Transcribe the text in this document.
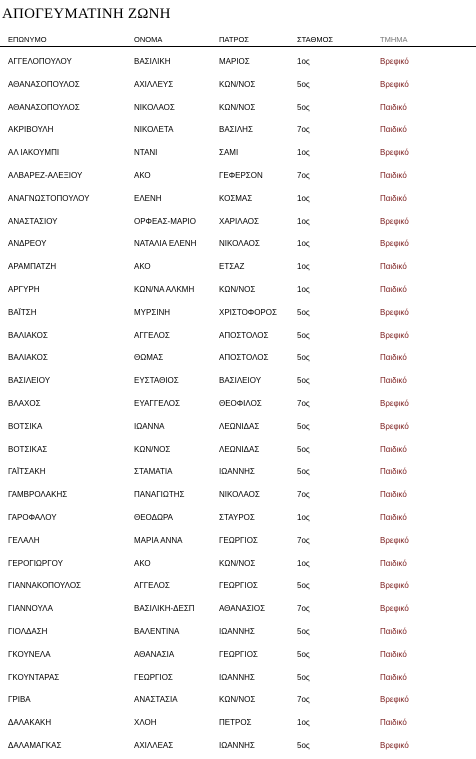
ΑΠΟΓΕΥΜΑΤΙΝΗ ΖΩΝΗ
ΕΠΩΝΥΜΟ	ΟΝΟΜΑ	ΠΑΤΡΟΣ	ΣΤΑΘΜΟΣ	ΤΜΗΜΑ
ΑΓΓΕΛΟΠΟΥΛΟΥ	ΒΑΣΙΛΙΚΗ	ΜΑΡΙΟΣ	1ος	Βρεφικό
ΑΘΑΝΑΣΟΠΟΥΛΟΣ	ΑΧΙΛΛΕΥΣ	ΚΩΝ/ΝΟΣ	5ος	Βρεφικό
ΑΘΑΝΑΣΟΠΟΥΛΟΣ	ΝΙΚΟΛΑΟΣ	ΚΩΝ/ΝΟΣ	5ος	Παιδικό
ΑΚΡΙΒΟΥΛΗ	ΝΙΚΟΛΕΤΑ	ΒΑΣΙΛΗΣ	7ος	Παιδικό
ΑΛ ΙΑΚΟΥΜΠΙ	ΝΤΑΝΙ	ΣΑΜΙ	1ος	Βρεφικό
ΑΛΒΑΡΕΖ-ΑΛΕΞΙΟΥ	ΑΚΟ	ΓΕΦΕΡΣΟΝ	7ος	Παιδικό
ΑΝΑΓΝΩΣΤΟΠΟΥΛΟΥ	ΕΛΕΝΗ	ΚΟΣΜΑΣ	1ος	Παιδικό
ΑΝΑΣΤΑΣΙΟΥ	ΟΡΦΕΑΣ-ΜΑΡΙΟ	ΧΑΡΙΛΑΟΣ	1ος	Βρεφικό
ΑΝΔΡΕΟΥ	ΝΑΤΑΛΙΑ ΕΛΕΝΗ	ΝΙΚΟΛΑΟΣ	1ος	Βρεφικό
ΑΡΑΜΠΑΤΖΗ	ΑΚΟ	ΕΤΣΑΖ	1ος	Παιδικό
ΑΡΓΥΡΗ	ΚΩΝ/ΝΑ ΑΛΚΜΗ	ΚΩΝ/ΝΟΣ	1ος	Παιδικό
ΒΑΪΤΣΗ	ΜΥΡΣΙΝΗ	ΧΡΙΣΤΟΦΟΡΟΣ	5ος	Βρεφικό
ΒΑΛΙΑΚΟΣ	ΑΓΓΕΛΟΣ	ΑΠΟΣΤΟΛΟΣ	5ος	Βρεφικό
ΒΑΛΙΑΚΟΣ	ΘΩΜΑΣ	ΑΠΟΣΤΟΛΟΣ	5ος	Παιδικό
ΒΑΣΙΛΕΙΟΥ	ΕΥΣΤΑΘΙΟΣ	ΒΑΣΙΛΕΙΟΥ	5ος	Παιδικό
ΒΛΑΧΟΣ	ΕΥΑΓΓΕΛΟΣ	ΘΕΟΦΙΛΟΣ	7ος	Βρεφικό
ΒΟΤΣΙΚΑ	ΙΩΑΝΝΑ	ΛΕΩΝΙΔΑΣ	5ος	Βρεφικό
ΒΟΤΣΙΚΑΣ	ΚΩΝ/ΝΟΣ	ΛΕΩΝΙΔΑΣ	5ος	Παιδικό
ΓΑΪΤΣΑΚΗ	ΣΤΑΜΑΤΙΑ	ΙΩΑΝΝΗΣ	5ος	Παιδικό
ΓΑΜΒΡΟΛΑΚΗΣ	ΠΑΝΑΓΙΩΤΗΣ	ΝΙΚΟΛΑΟΣ	7ος	Παιδικό
ΓΑΡΟΦΑΛΟΥ	ΘΕΟΔΩΡΑ	ΣΤΑΥΡΟΣ	1ος	Παιδικό
ΓΕΛΑΛΗ	ΜΑΡΙΑ ΑΝΝΑ	ΓΕΩΡΓΙΟΣ	7ος	Βρεφικό
ΓΕΡΟΓΙΩΡΓΟΥ	ΑΚΟ	ΚΩΝ/ΝΟΣ	1ος	Παιδικό
ΓΙΑΝΝΑΚΟΠΟΥΛΟΣ	ΑΓΓΕΛΟΣ	ΓΕΩΡΓΙΟΣ	5ος	Βρεφικό
ΓΙΑΝΝΟΥΛΑ	ΒΑΣΙΛΙΚΗ-ΔΕΣΠ	ΑΘΑΝΑΣΙΟΣ	7ος	Βρεφικό
ΓΙΟΛΔΑΣΗ	ΒΑΛΕΝΤΙΝΑ	ΙΩΑΝΝΗΣ	5ος	Παιδικό
ΓΚΟΥΝΕΛΑ	ΑΘΑΝΑΣΙΑ	ΓΕΩΡΓΙΟΣ	5ος	Παιδικό
ΓΚΟΥΝΤΑΡΑΣ	ΓΕΩΡΓΙΟΣ	ΙΩΑΝΝΗΣ	5ος	Παιδικό
ΓΡΙΒΑ	ΑΝΑΣΤΑΣΙΑ	ΚΩΝ/ΝΟΣ	7ος	Βρεφικό
ΔΑΛΑΚΑΚΗ	ΧΛΟΗ	ΠΕΤΡΟΣ	1ος	Παιδικό
ΔΑΛΑΜΑΓΚΑΣ	ΑΧΙΛΛΕΑΣ	ΙΩΑΝΝΗΣ	5ος	Βρεφικό
